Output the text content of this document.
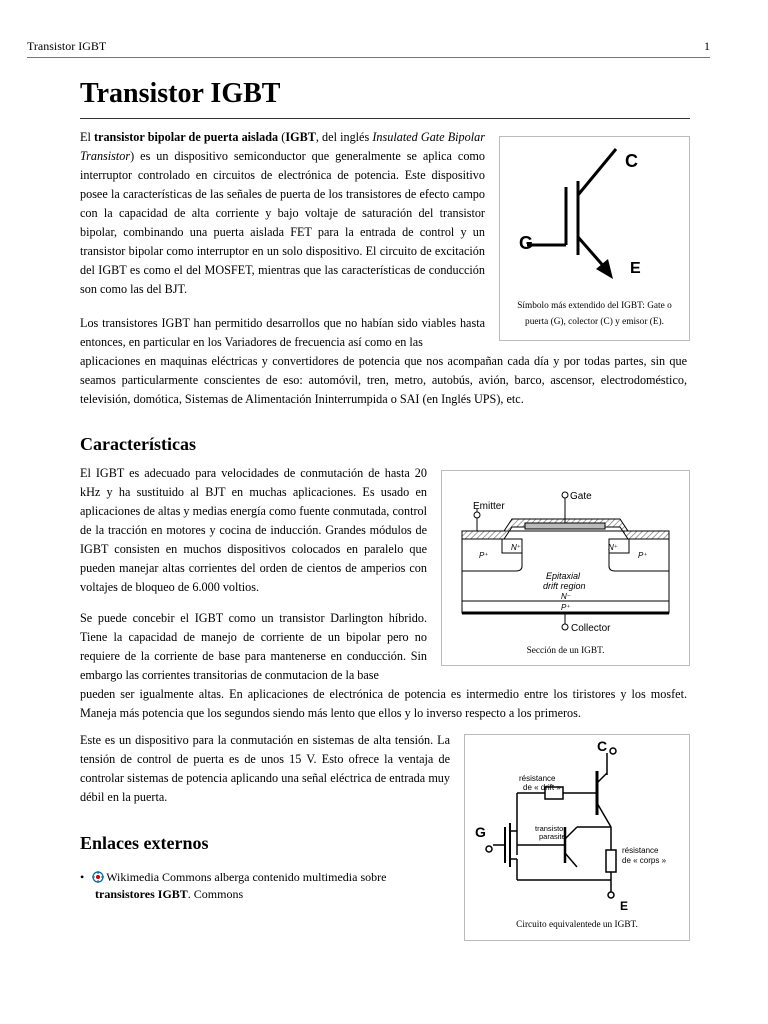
Transistor IGBT	1
Transistor IGBT

El transistor bipolar de puerta aislada (IGBT, del inglés Insulated Gate Bipolar Transistor) es un dispositivo semiconductor que generalmente se aplica como interruptor controlado en circuitos de electrónica de potencia. Este dispositivo posee la características de las señales de puerta de los transistores de efecto campo con la capacidad de alta corriente y bajo voltaje de saturación del transistor bipolar, combinando una puerta aislada FET para la entrada de control y un transistor bipolar como interruptor en un solo dispositivo. El circuito de excitación del IGBT es como el del MOSFET, mientras que las características de conducción son como las del BJT.

Los transistores IGBT han permitido desarrollos que no habían sido viables hasta entonces, en particular en los Variadores de frecuencia así como en las

aplicaciones en maquinas eléctricas y convertidores de potencia que nos acompañan cada día y por todas partes, sin que seamos particularmente conscientes de eso: automóvil, tren, metro, autobús, avión, barco, ascensor, electrodoméstico, televisión, domótica, Sistemas de Alimentación Ininterrumpida o SAI (en Inglés UPS), etc.

C
G
E
Símbolo más extendido del IGBT: Gate o puerta (G), colector (C) y emisor (E).
Características

El IGBT es adecuado para velocidades de conmutación de hasta 20 kHz y ha sustituido al BJT en muchas aplicaciones. Es usado en aplicaciones de altas y medias energía como fuente conmutada, control de la tracción en motores y cocina de inducción. Grandes módulos de IGBT consisten en muchos dispositivos colocados en paralelo que pueden manejar altas corrientes del orden de cientos de amperios con voltajes de bloqueo de 6.000 voltios.

Se puede concebir el IGBT como un transistor Darlington híbrido. Tiene la capacidad de manejo de corriente de un bipolar pero no requiere de la corriente de base para mantenerse en conducción. Sin embargo las corrientes transitorias de conmutacion de la base

pueden ser igualmente altas. En aplicaciones de electrónica de potencia es intermedio entre los tiristores y los mosfet. Maneja más potencia que los segundos siendo más lento que ellos y lo inverso respecto a los primeros.

Este es un dispositivo para la conmutación en sistemas de alta tensión. La tensión de control de puerta es de unos 15 V. Esto ofrece la ventaja de controlar sistemas de potencia aplicando una señal eléctrica de entrada muy débil en la puerta.

Emitter
Gate
N⁺	N⁺
P⁺	P⁺
Epitaxial
drift region
N⁻
P⁺
Collector
Sección de un IGBT.
C
G
E
résistance
de « drift »
transistor
parasite
résistance
de « corps »
Circuito equivalentede un IGBT.
Enlaces externos
• Wikimedia Commons alberga contenido multimedia sobre
transistores IGBT. Commons
